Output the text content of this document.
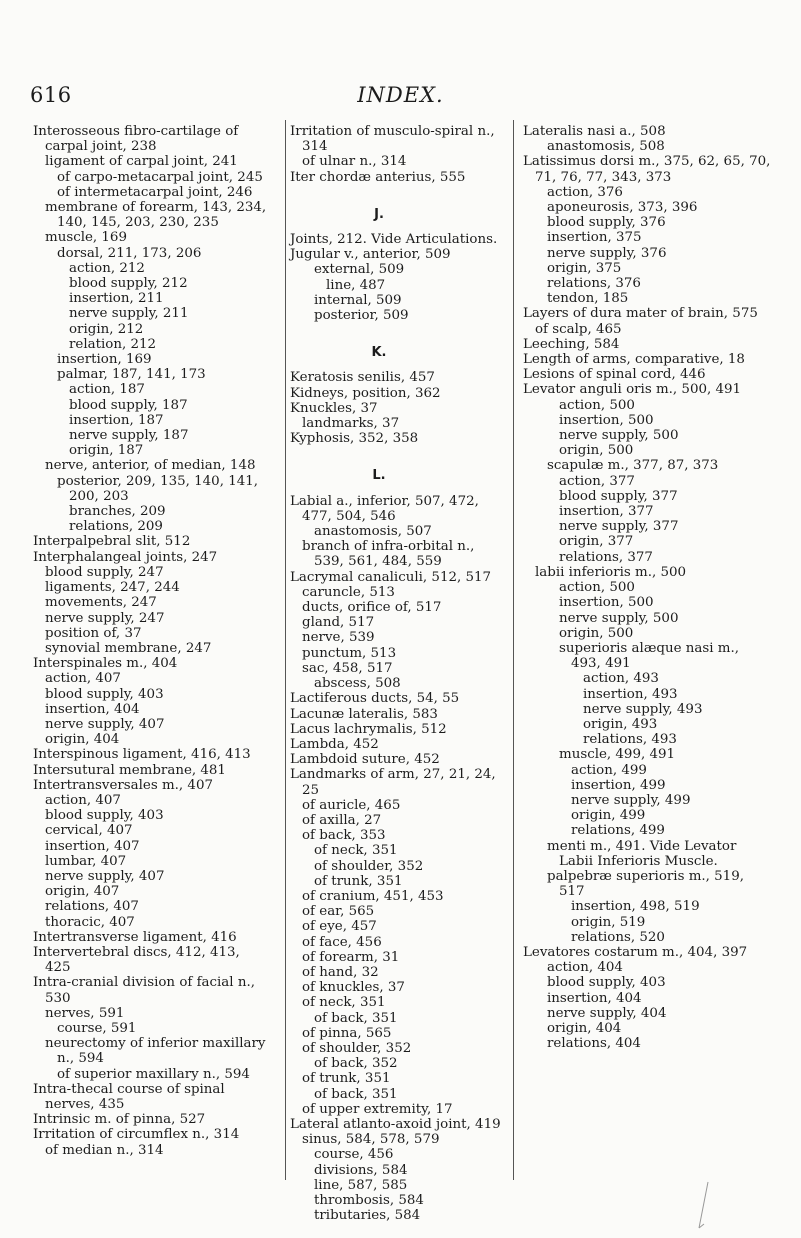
616	INDEX.
Interosseous fibro-cartilage of carpal joint, 238
ligament of carpal joint, 241
of carpo-metacarpal joint, 245
of intermetacarpal joint, 246
membrane of forearm, 143, 234, 140, 145, 203, 230, 235
muscle, 169
dorsal, 211, 173, 206
action, 212
blood supply, 212
insertion, 211
nerve supply, 211
origin, 212
relation, 212
insertion, 169
palmar, 187, 141, 173
action, 187
blood supply, 187
insertion, 187
nerve supply, 187
origin, 187
nerve, anterior, of median, 148
posterior, 209, 135, 140, 141, 200, 203
branches, 209
relations, 209
Interpalpebral slit, 512
Interphalangeal joints, 247
blood supply, 247
ligaments, 247, 244
movements, 247
nerve supply, 247
position of, 37
synovial membrane, 247
Interspinales m., 404
action, 407
blood supply, 403
insertion, 404
nerve supply, 407
origin, 404
Interspinous ligament, 416, 413
Intersutural membrane, 481
Intertransversales m., 407
action, 407
blood supply, 403
cervical, 407
insertion, 407
lumbar, 407
nerve supply, 407
origin, 407
relations, 407
thoracic, 407
Intertransverse ligament, 416
Intervertebral discs, 412, 413, 425
Intra-cranial division of facial n., 530
nerves, 591
course, 591
neurectomy of inferior maxillary n., 594
of superior maxillary n., 594
Intra-thecal course of spinal nerves, 435
Intrinsic m. of pinna, 527
Irritation of circumflex n., 314
of median n., 314
Irritation of musculo-spiral n., 314
of ulnar n., 314
Iter chordæ anterius, 555
J.
Joints, 212. Vide Articulations.
Jugular v., anterior, 509
external, 509
line, 487
internal, 509
posterior, 509
K.
Keratosis senilis, 457
Kidneys, position, 362
Knuckles, 37
landmarks, 37
Kyphosis, 352, 358
L.
Labial a., inferior, 507, 472, 477, 504, 546
anastomosis, 507
branch of infra-orbital n., 539, 561, 484, 559
Lacrymal canaliculi, 512, 517
caruncle, 513
ducts, orifice of, 517
gland, 517
nerve, 539
punctum, 513
sac, 458, 517
abscess, 508
Lactiferous ducts, 54, 55
Lacunæ lateralis, 583
Lacus lachrymalis, 512
Lambda, 452
Lambdoid suture, 452
Landmarks of arm, 27, 21, 24, 25
of auricle, 465
of axilla, 27
of back, 353
of neck, 351
of shoulder, 352
of trunk, 351
of cranium, 451, 453
of ear, 565
of eye, 457
of face, 456
of forearm, 31
of hand, 32
of knuckles, 37
of neck, 351
of back, 351
of pinna, 565
of shoulder, 352
of back, 352
of trunk, 351
of back, 351
of upper extremity, 17
Lateral atlanto-axoid joint, 419
sinus, 584, 578, 579
course, 456
divisions, 584
line, 587, 585
thrombosis, 584
tributaries, 584
Lateralis nasi a., 508
anastomosis, 508
Latissimus dorsi m., 375, 62, 65, 70, 71, 76, 77, 343, 373
action, 376
aponeurosis, 373, 396
blood supply, 376
insertion, 375
nerve supply, 376
origin, 375
relations, 376
tendon, 185
Layers of dura mater of brain, 575
of scalp, 465
Leeching, 584
Length of arms, comparative, 18
Lesions of spinal cord, 446
Levator anguli oris m., 500, 491
action, 500
insertion, 500
nerve supply, 500
origin, 500
scapulæ m., 377, 87, 373
action, 377
blood supply, 377
insertion, 377
nerve supply, 377
origin, 377
relations, 377
labii inferioris m., 500
action, 500
insertion, 500
nerve supply, 500
origin, 500
superioris alæque nasi m., 493, 491
action, 493
insertion, 493
nerve supply, 493
origin, 493
relations, 493
muscle, 499, 491
action, 499
insertion, 499
nerve supply, 499
origin, 499
relations, 499
menti m., 491. Vide Levator Labii Inferioris Muscle.
palpebræ superioris m., 519, 517
insertion, 498, 519
origin, 519
relations, 520
Levatores costarum m., 404, 397
action, 404
blood supply, 403
insertion, 404
nerve supply, 404
origin, 404
relations, 404
